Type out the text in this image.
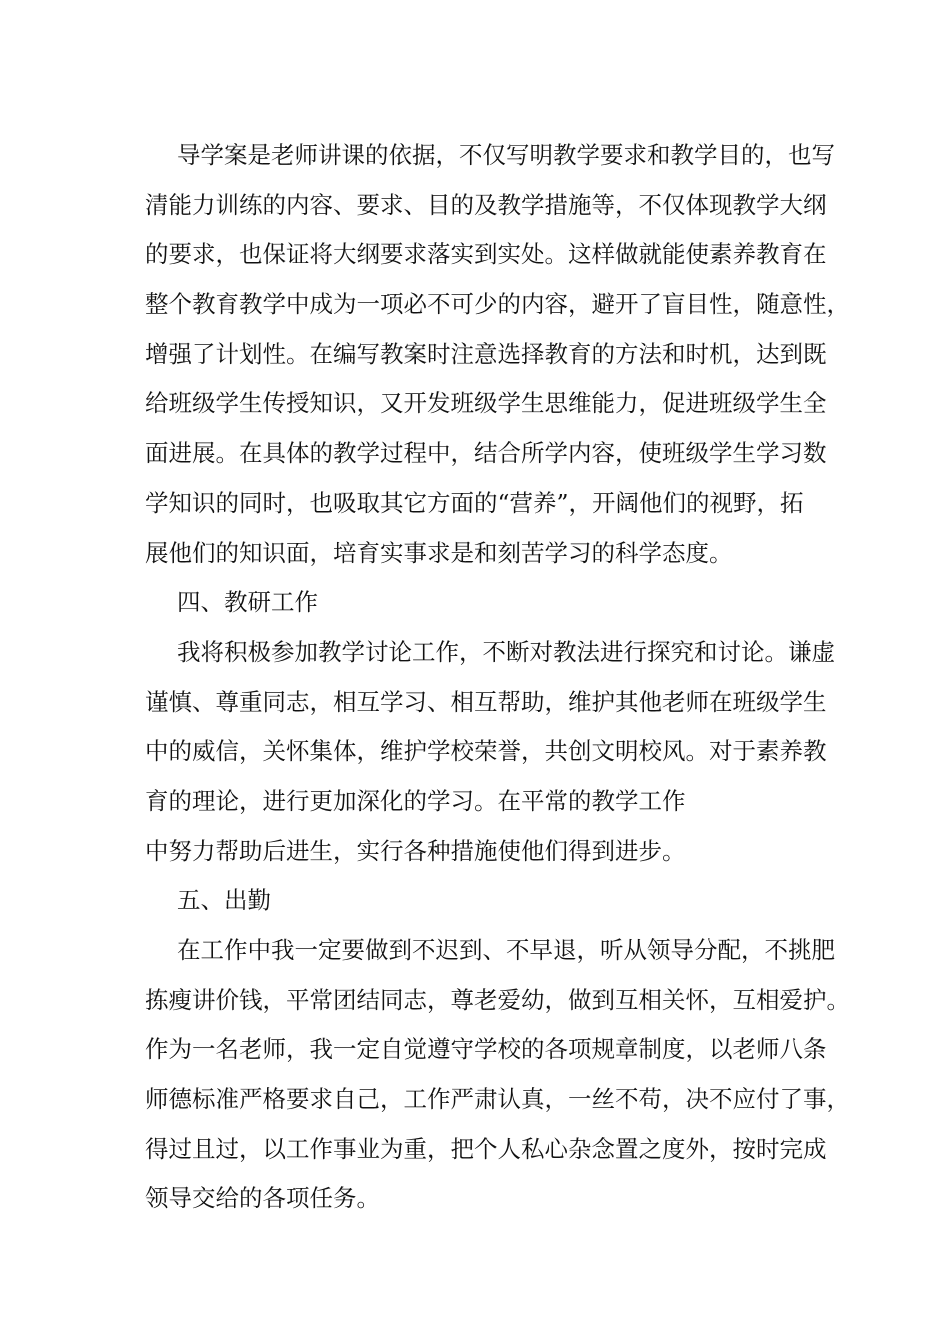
导学案是老师讲课的依据，不仅写明教学要求和教学目的，也写
清能力训练的内容、要求、目的及教学措施等，不仅体现教学大纲
的要求，也保证将大纲要求落实到实处。这样做就能使素养教育在
整个教育教学中成为一项必不可少的内容，避开了盲目性，随意性，
增强了计划性。在编写教案时注意选择教育的方法和时机，达到既
给班级学生传授知识，又开发班级学生思维能力，促进班级学生全
面进展。在具体的教学过程中，结合所学内容，使班级学生学习数
学知识的同时，也吸取其它方面的“营养”，开阔他们的视野，拓
展他们的知识面，培育实事求是和刻苦学习的科学态度。
四、教研工作
我将积极参加教学讨论工作，不断对教法进行探究和讨论。谦虚
谨慎、尊重同志，相互学习、相互帮助，维护其他老师在班级学生
中的威信，关怀集体，维护学校荣誉，共创文明校风。对于素养教
育的理论，进行更加深化的学习。在平常的教学工作
中努力帮助后进生，实行各种措施使他们得到进步。
五、出勤
在工作中我一定要做到不迟到、不早退，听从领导分配，不挑肥
拣瘦讲价钱，平常团结同志，尊老爱幼，做到互相关怀，互相爱护。
作为一名老师，我一定自觉遵守学校的各项规章制度，以老师八条
师德标准严格要求自己，工作严肃认真，一丝不苟，决不应付了事，
得过且过，以工作事业为重，把个人私心杂念置之度外，按时完成
领导交给的各项任务。
